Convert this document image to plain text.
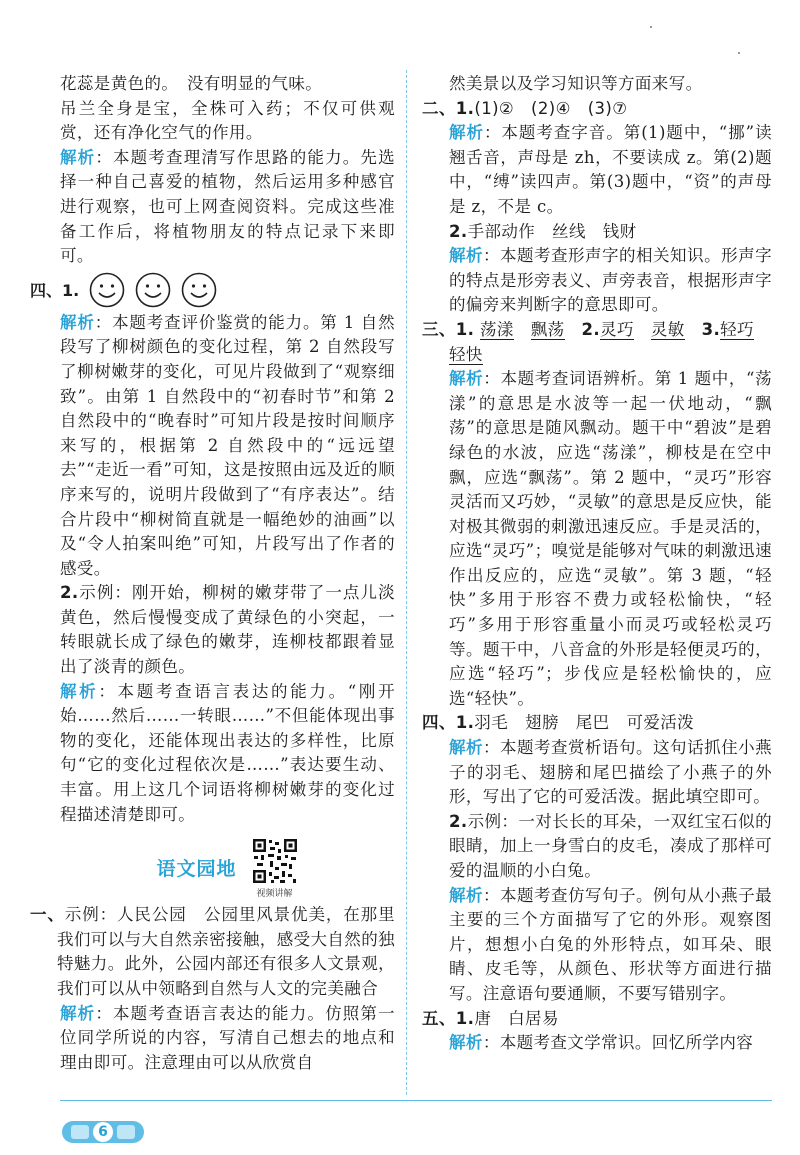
花蕊是黄色的。　没有明显的气味。

吊兰全身是宝，全株可入药；不仅可供观赏，还有净化空气的作用。

解析：本题考查理清写作思路的能力。先选择一种自己喜爱的植物，然后运用多种感官进行观察，也可上网查阅资料。完成这些准备工作后，将植物朋友的特点记录下来即可。

四、1.

解析：本题考查评价鉴赏的能力。第 1 自然段写了柳树颜色的变化过程，第 2 自然段写了柳树嫩芽的变化，可见片段做到了“观察细致”。由第 1 自然段中的“初春时节”和第 2 自然段中的“晚春时”可知片段是按时间顺序来写的，根据第 2 自然段中的“远远望去”“走近一看”可知，这是按照由远及近的顺序来写的，说明片段做到了“有序表达”。结合片段中“柳树简直就是一幅绝妙的油画”以及“令人拍案叫绝”可知，片段写出了作者的感受。

2.示例：刚开始，柳树的嫩芽带了一点儿淡黄色，然后慢慢变成了黄绿色的小突起，一转眼就长成了绿色的嫩芽，连柳枝都跟着显出了淡青的颜色。

解析：本题考查语言表达的能力。“刚开始……然后……一转眼……”不但能体现出事物的变化，还能体现出表达的多样性，比原句“它的变化过程依次是……”表达要生动、丰富。用上这几个词语将柳树嫩芽的变化过程描述清楚即可。

语文园地
视频讲解

一、示例：人民公园　公园里风景优美，在那里我们可以与大自然亲密接触，感受大自然的独特魅力。此外，公园内部还有很多人文景观，我们可以从中领略到自然与人文的完美融合

解析：本题考查语言表达的能力。仿照第一位同学所说的内容，写清自己想去的地点和理由即可。注意理由可以从欣赏自

然美景以及学习知识等方面来写。

二、1.(1)②　(2)④　(3)⑦

解析：本题考查字音。第(1)题中，“挪”读翘舌音，声母是 zh，不要读成 z。第(2)题中，“缚”读四声。第(3)题中，“资”的声母是 z，不是 c。

2.手部动作　丝线　钱财

解析：本题考查形声字的相关知识。形声字的特点是形旁表义、声旁表音，根据形声字的偏旁来判断字的意思即可。

三、1. 荡漾 飘荡 2.灵巧 灵敏 3.轻巧

轻快

解析：本题考查词语辨析。第 1 题中，“荡漾”的意思是水波等一起一伏地动，“飘荡”的意思是随风飘动。题干中“碧波”是碧绿色的水波，应选“荡漾”，柳枝是在空中飘，应选“飘荡”。第 2 题中，“灵巧”形容灵活而又巧妙，“灵敏”的意思是反应快，能对极其微弱的刺激迅速反应。手是灵活的，应选“灵巧”；嗅觉是能够对气味的刺激迅速作出反应的，应选“灵敏”。第 3 题，“轻快”多用于形容不费力或轻松愉快，“轻巧”多用于形容重量小而灵巧或轻松灵巧等。题干中，八音盒的外形是轻便灵巧的，应选“轻巧”；步伐应是轻松愉快的，应选“轻快”。

四、1.羽毛　翅膀　尾巴　可爱活泼

解析：本题考查赏析语句。这句话抓住小燕子的羽毛、翅膀和尾巴描绘了小燕子的外形，写出了它的可爱活泼。据此填空即可。

2.示例：一对长长的耳朵，一双红宝石似的眼睛，加上一身雪白的皮毛，凑成了那样可爱的温顺的小白兔。

解析：本题考查仿写句子。例句从小燕子最主要的三个方面描写了它的外形。观察图片，想想小白兔的外形特点，如耳朵、眼睛、皮毛等，从颜色、形状等方面进行描写。注意语句要通顺，不要写错别字。

五、1.唐　白居易

解析：本题考查文学常识。回忆所学内容

6
